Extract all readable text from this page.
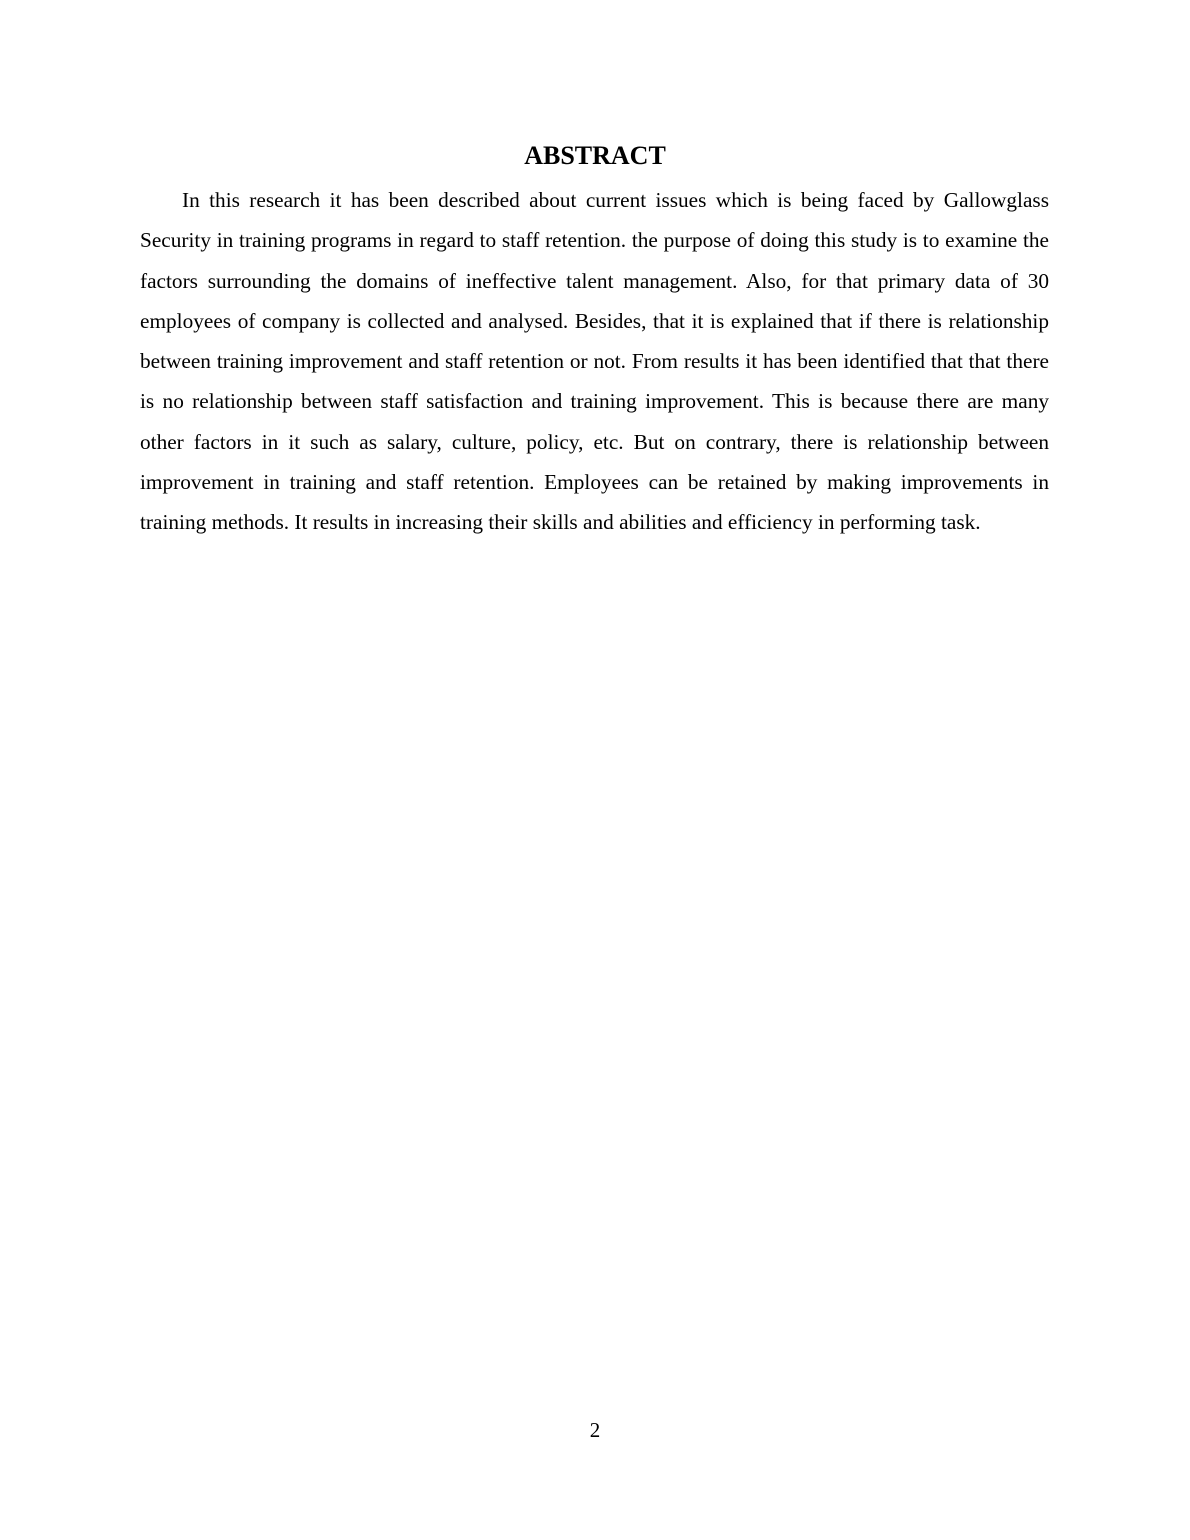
ABSTRACT

In this research it has been described about current issues which is being faced by Gallowglass Security in training programs in regard to staff retention. the purpose of doing this study is to examine the factors surrounding the domains of ineffective talent management. Also, for that primary data of 30 employees of company is collected and analysed. Besides, that it is explained that if there is relationship between training improvement and staff retention or not. From results it has been identified that that there is no relationship between staff satisfaction and training improvement. This is because there are many other factors in it such as salary, culture, policy, etc. But on contrary, there is relationship between improvement in training and staff retention. Employees can be retained by making improvements in training methods. It results in increasing their skills and abilities and efficiency in performing task.

2
